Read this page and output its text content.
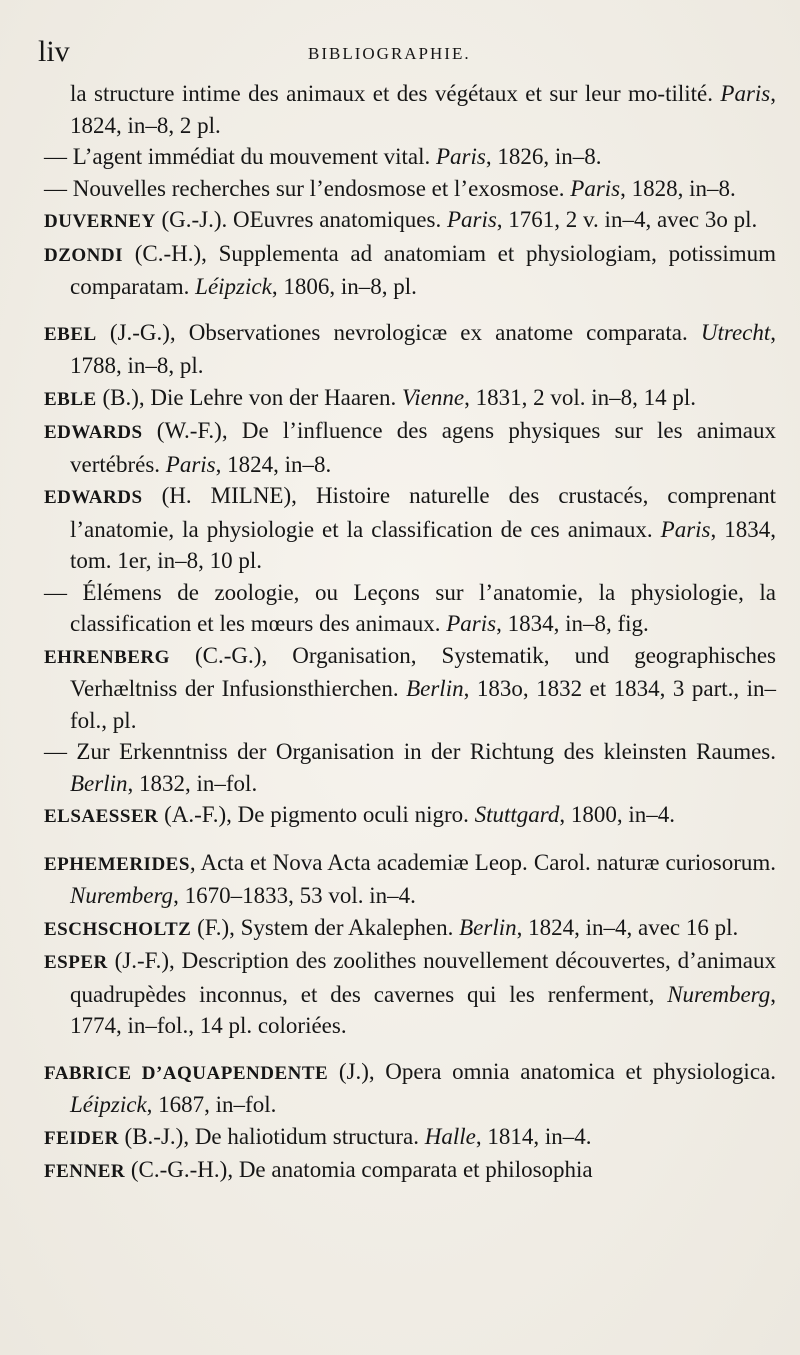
liv	BIBLIOGRAPHIE.

la structure intime des animaux et des végétaux et sur leur mo-tilité. Paris, 1824, in–8, 2 pl.

— L’agent immédiat du mouvement vital. Paris, 1826, in–8.

— Nouvelles recherches sur l’endosmose et l’exosmose. Paris, 1828, in–8.

DUVERNEY (G.-J.). OEuvres anatomiques. Paris, 1761, 2 v. in–4, avec 3o pl.

DZONDI (C.-H.), Supplementa ad anatomiam et physiologiam, potissimum comparatam. Léipzick, 1806, in–8, pl.

EBEL (J.-G.), Observationes nevrologicæ ex anatome comparata. Utrecht, 1788, in–8, pl.

EBLE (B.), Die Lehre von der Haaren. Vienne, 1831, 2 vol. in–8, 14 pl.

EDWARDS (W.-F.), De l’influence des agens physiques sur les animaux vertébrés. Paris, 1824, in–8.

EDWARDS (H. MILNE), Histoire naturelle des crustacés, comprenant l’anatomie, la physiologie et la classification de ces animaux. Paris, 1834, tom. 1er, in–8, 10 pl.

— Élémens de zoologie, ou Leçons sur l’anatomie, la physiologie, la classification et les mœurs des animaux. Paris, 1834, in–8, fig.

EHRENBERG (C.-G.), Organisation, Systematik, und geographisches Verhæltniss der Infusionsthierchen. Berlin, 183o, 1832 et 1834, 3 part., in–fol., pl.

— Zur Erkenntniss der Organisation in der Richtung des kleinsten Raumes. Berlin, 1832, in–fol.

ELSAESSER (A.-F.), De pigmento oculi nigro. Stuttgard, 1800, in–4.

EPHEMERIDES, Acta et Nova Acta academiæ Leop. Carol. naturæ curiosorum. Nuremberg, 1670–1833, 53 vol. in–4.

ESCHSCHOLTZ (F.), System der Akalephen. Berlin, 1824, in–4, avec 16 pl.

ESPER (J.-F.), Description des zoolithes nouvellement découvertes, d’animaux quadrupèdes inconnus, et des cavernes qui les renferment, Nuremberg, 1774, in–fol., 14 pl. coloriées.

FABRICE D’AQUAPENDENTE (J.), Opera omnia anatomica et physiologica. Léipzick, 1687, in–fol.

FEIDER (B.-J.), De haliotidum structura. Halle, 1814, in–4.

FENNER (C.-G.-H.), De anatomia comparata et philosophia
